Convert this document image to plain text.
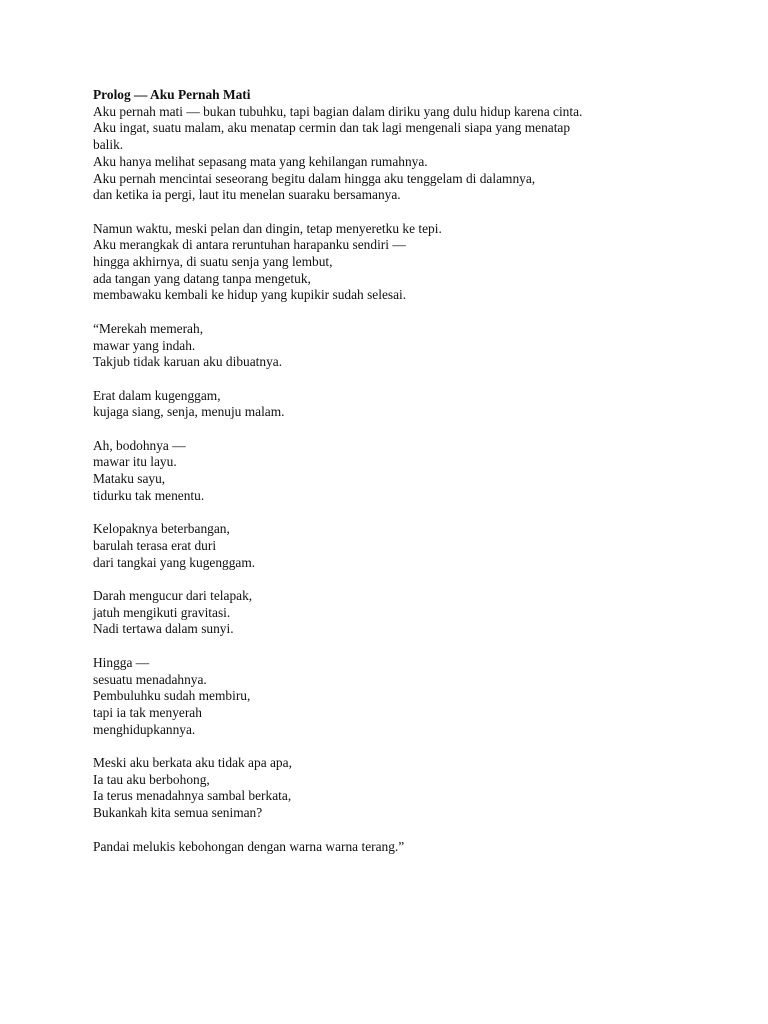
Prolog — Aku Pernah Mati

Aku pernah mati — bukan tubuhku, tapi bagian dalam diriku yang dulu hidup karena cinta.

Aku ingat, suatu malam, aku menatap cermin dan tak lagi mengenali siapa yang menatap

balik.

Aku hanya melihat sepasang mata yang kehilangan rumahnya.

Aku pernah mencintai seseorang begitu dalam hingga aku tenggelam di dalamnya,

dan ketika ia pergi, laut itu menelan suaraku bersamanya.

Namun waktu, meski pelan dan dingin, tetap menyeretku ke tepi.

Aku merangkak di antara reruntuhan harapanku sendiri —

hingga akhirnya, di suatu senja yang lembut,

ada tangan yang datang tanpa mengetuk,

membawaku kembali ke hidup yang kupikir sudah selesai.

“Merekah memerah,

mawar yang indah.

Takjub tidak karuan aku dibuatnya.

Erat dalam kugenggam,

kujaga siang, senja, menuju malam.

Ah, bodohnya —

mawar itu layu.

Mataku sayu,

tidurku tak menentu.

Kelopaknya beterbangan,

barulah terasa erat duri

dari tangkai yang kugenggam.

Darah mengucur dari telapak,

jatuh mengikuti gravitasi.

Nadi tertawa dalam sunyi.

Hingga —

sesuatu menadahnya.

Pembuluhku sudah membiru,

tapi ia tak menyerah

menghidupkannya.

Meski aku berkata aku tidak apa apa,

Ia tau aku berbohong,

Ia terus menadahnya sambal berkata,

Bukankah kita semua seniman?

Pandai melukis kebohongan dengan warna warna terang.”
